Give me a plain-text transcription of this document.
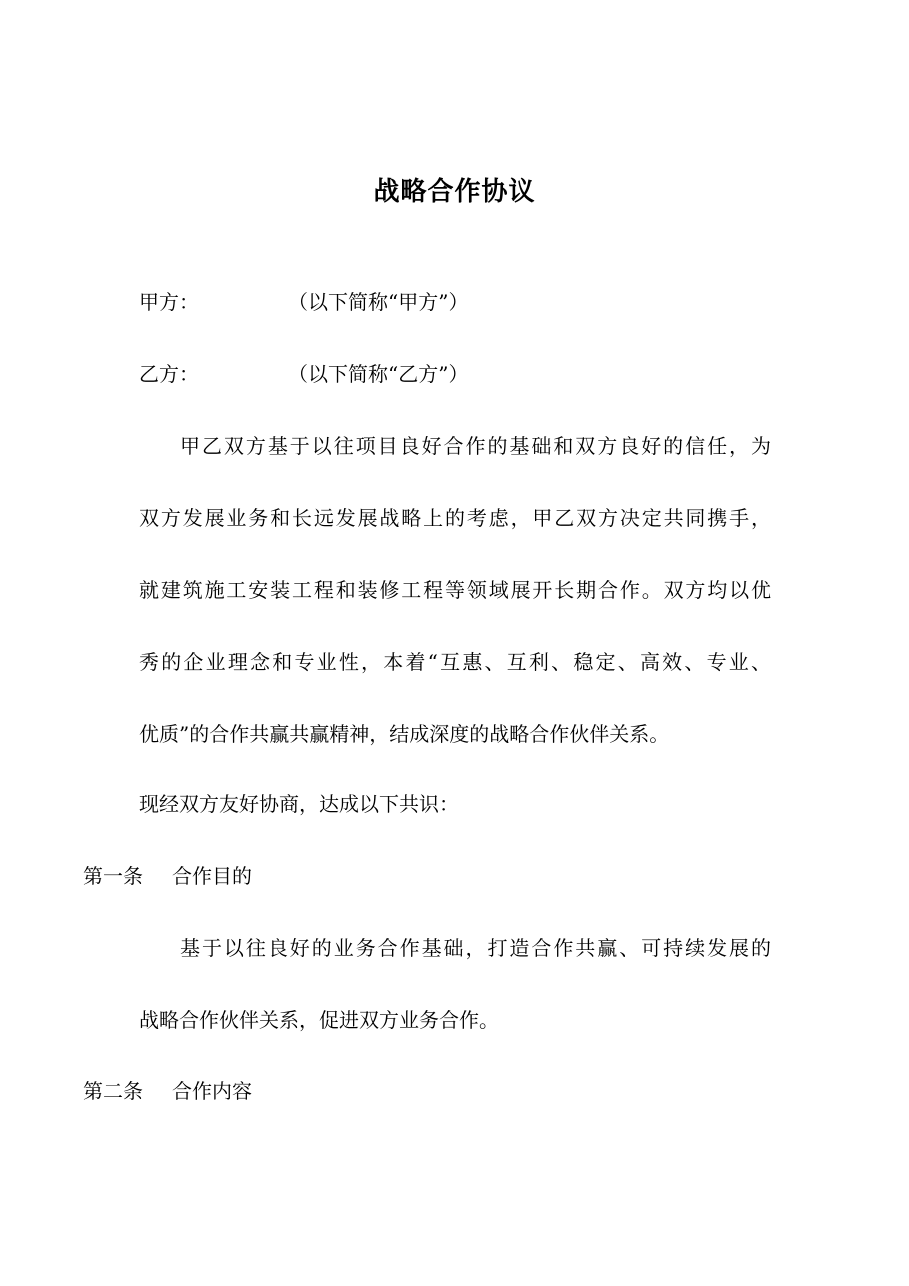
战略合作协议
甲方：	（以下简称“甲方”）
乙方：	（以下简称“乙方”）
甲乙双方基于以往项目良好合作的基础和双方良好的信任，为
双方发展业务和长远发展战略上的考虑，甲乙双方决定共同携手，
就建筑施工安装工程和装修工程等领域展开长期合作。双方均以优
秀的企业理念和专业性，本着“互惠、互利、稳定、高效、专业、
优质”的合作共赢共赢精神，结成深度的战略合作伙伴关系。
现经双方友好协商，达成以下共识：
第一条 合作目的
基于以往良好的业务合作基础，打造合作共赢、可持续发展的
战略合作伙伴关系，促进双方业务合作。
第二条 合作内容
